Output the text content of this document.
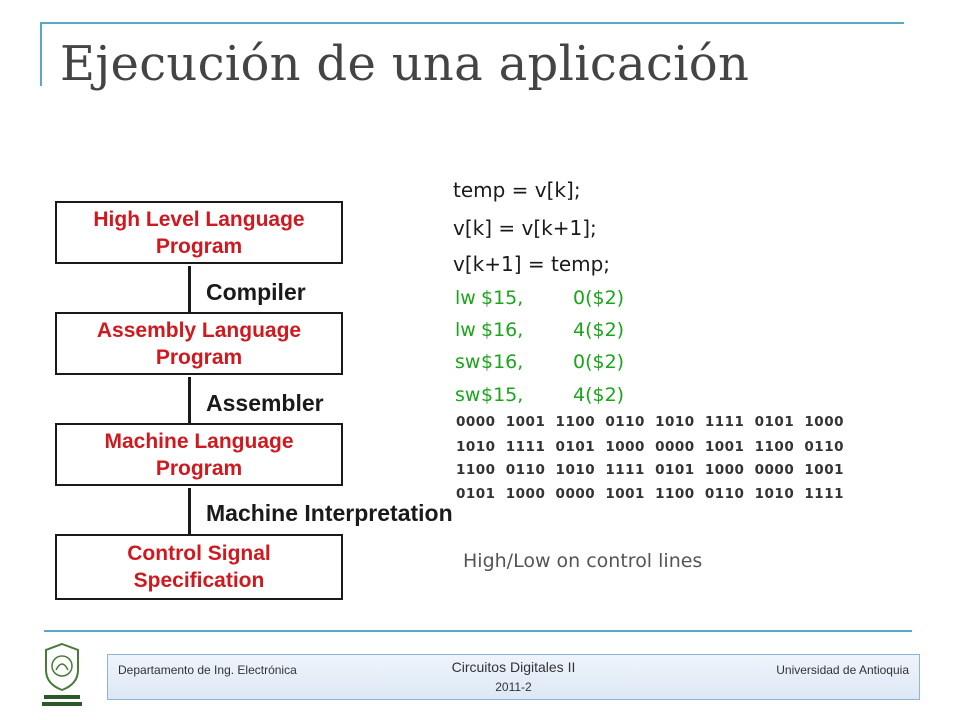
Ejecución de una aplicación
High Level Language Program
Compiler
Assembly Language Program
Assembler
Machine Language Program
Machine Interpretation
Control Signal Specification
temp = v[k];
v[k] = v[k+1];
v[k+1] = temp;
lw $15,	0($2)
lw $16,	4($2)
sw $16,	0($2)
sw $15,	4($2)
0000 1001 1100 0110 1010 1111 0101 1000
1010 1111 0101 1000 0000 1001 1100 0110
1100 0110 1010 1111 0101 1000 0000 1001
0101 1000 0000 1001 1100 0110 1010 1111
High/Low on control lines
Departamento de Ing. Electrónica	Circuitos Digitales II
2011-2
Universidad de Antioquia
